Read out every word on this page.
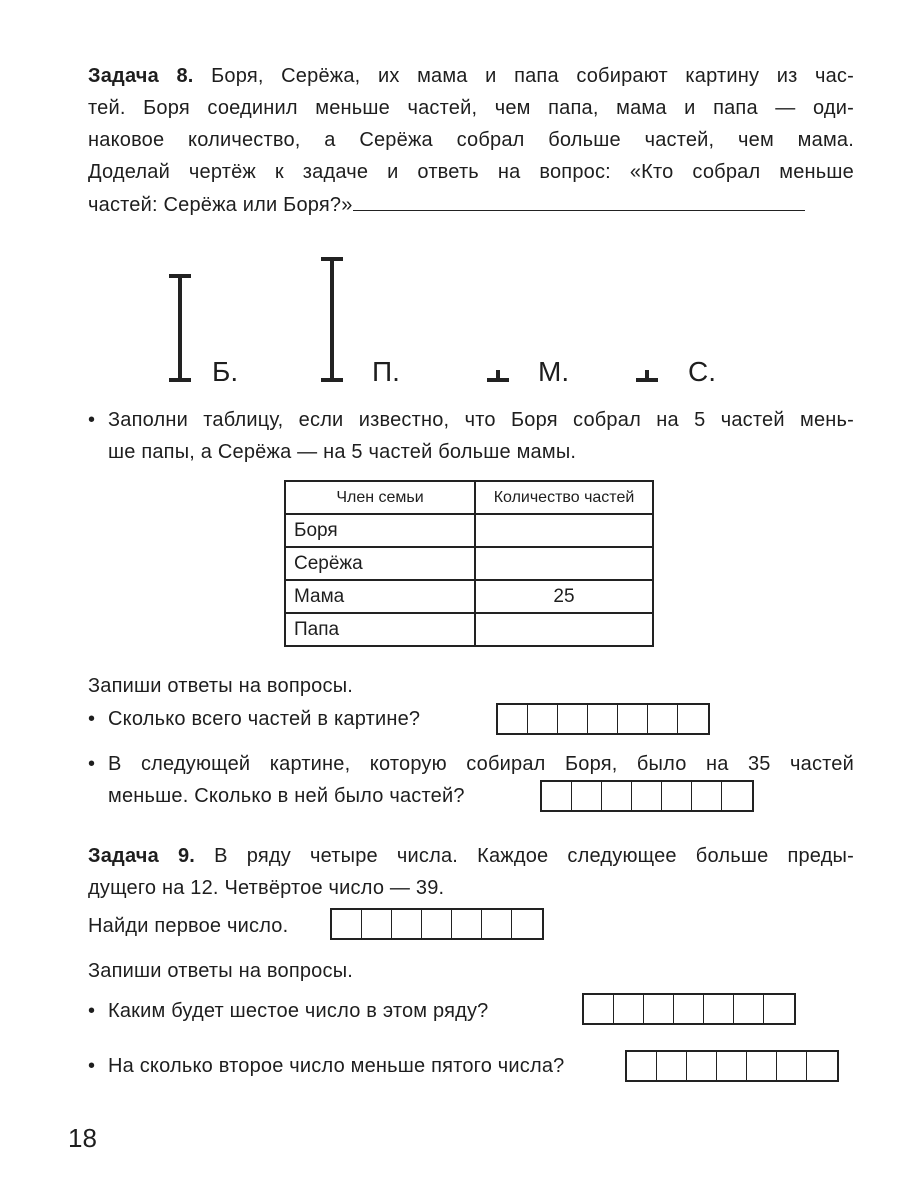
Задача 8. Боря, Серёжа, их мама и папа собирают картину из час-
тей. Боря соединил меньше частей, чем папа, мама и папа — оди-
наковое количество, а Серёжа собрал больше частей, чем мама.
Доделай чертёж к задаче и ответь на вопрос: «Кто собрал меньше
частей: Серёжа или Боря?»
Б.	П.	М.	С.
• Заполни таблицу, если известно, что Боря собрал на 5 частей мень-
ше папы, а Серёжа — на 5 частей больше мамы.
Член семьи	Количество частей
Боря	
Серёжа	
Мама	25
Папа	
Запиши ответы на вопросы.
• Сколько всего частей в картине?
• В следующей картине, которую собирал Боря, было на 35 частей
меньше. Сколько в ней было частей?
Задача 9. В ряду четыре числа. Каждое следующее больше преды-
дущего на 12. Четвёртое число — 39.
Найди первое число.
Запиши ответы на вопросы.
• Каким будет шестое число в этом ряду?
• На сколько второе число меньше пятого числа?
18
